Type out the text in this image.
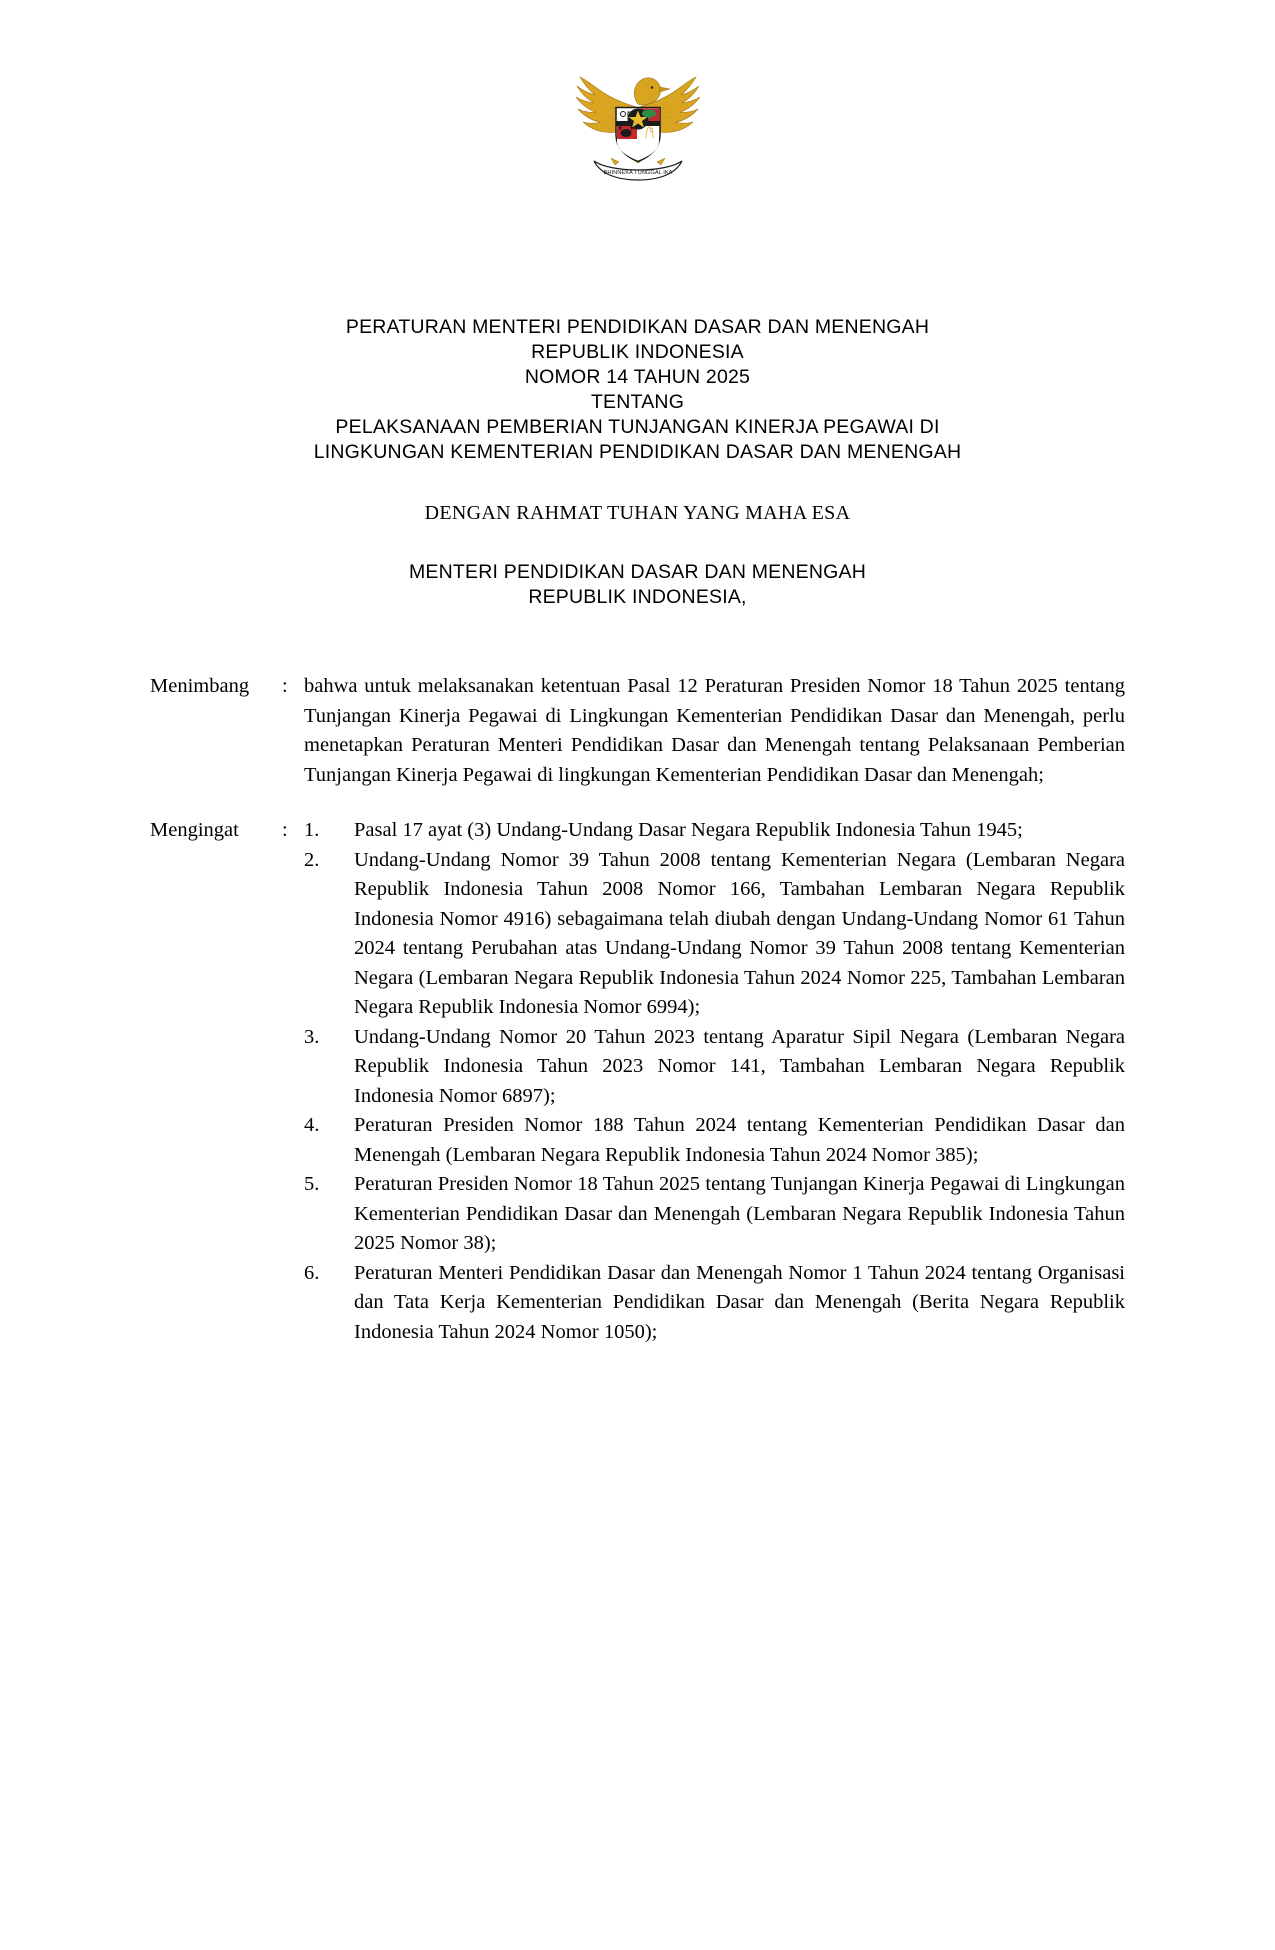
BHINNEKA TUNGGAL IKA
PERATURAN MENTERI PENDIDIKAN DASAR DAN MENENGAH
REPUBLIK INDONESIA
NOMOR 14 TAHUN 2025
TENTANG
PELAKSANAAN PEMBERIAN TUNJANGAN KINERJA PEGAWAI DI
LINGKUNGAN KEMENTERIAN PENDIDIKAN DASAR DAN MENENGAH
DENGAN RAHMAT TUHAN YANG MAHA ESA
MENTERI PENDIDIKAN DASAR DAN MENENGAH
REPUBLIK INDONESIA,
Menimbang	: bahwa untuk melaksanakan ketentuan Pasal 12 Peraturan Presiden Nomor 18 Tahun 2025 tentang Tunjangan Kinerja Pegawai di Lingkungan Kementerian Pendidikan Dasar dan Menengah, perlu menetapkan Peraturan Menteri Pendidikan Dasar dan Menengah tentang Pelaksanaan Pemberian Tunjangan Kinerja Pegawai di lingkungan Kementerian Pendidikan Dasar dan Menengah;

Mengingat	: 1.	Pasal 17 ayat (3) Undang-Undang Dasar Negara Republik Indonesia Tahun 1945;
2.	Undang-Undang Nomor 39 Tahun 2008 tentang Kementerian Negara (Lembaran Negara Republik Indonesia Tahun 2008 Nomor 166, Tambahan Lembaran Negara Republik Indonesia Nomor 4916) sebagaimana telah diubah dengan Undang-Undang Nomor 61 Tahun 2024 tentang Perubahan atas Undang-Undang Nomor 39 Tahun 2008 tentang Kementerian Negara (Lembaran Negara Republik Indonesia Tahun 2024 Nomor 225, Tambahan Lembaran Negara Republik Indonesia Nomor 6994);
3.	Undang-Undang Nomor 20 Tahun 2023 tentang Aparatur Sipil Negara (Lembaran Negara Republik Indonesia Tahun 2023 Nomor 141, Tambahan Lembaran Negara Republik Indonesia Nomor 6897);
4.	Peraturan Presiden Nomor 188 Tahun 2024 tentang Kementerian Pendidikan Dasar dan Menengah (Lembaran Negara Republik Indonesia Tahun 2024 Nomor 385);
5.	Peraturan Presiden Nomor 18 Tahun 2025 tentang Tunjangan Kinerja Pegawai di Lingkungan Kementerian Pendidikan Dasar dan Menengah (Lembaran Negara Republik Indonesia Tahun 2025 Nomor 38);
6.	Peraturan Menteri Pendidikan Dasar dan Menengah Nomor 1 Tahun 2024 tentang Organisasi dan Tata Kerja Kementerian Pendidikan Dasar dan Menengah (Berita Negara Republik Indonesia Tahun 2024 Nomor 1050);
